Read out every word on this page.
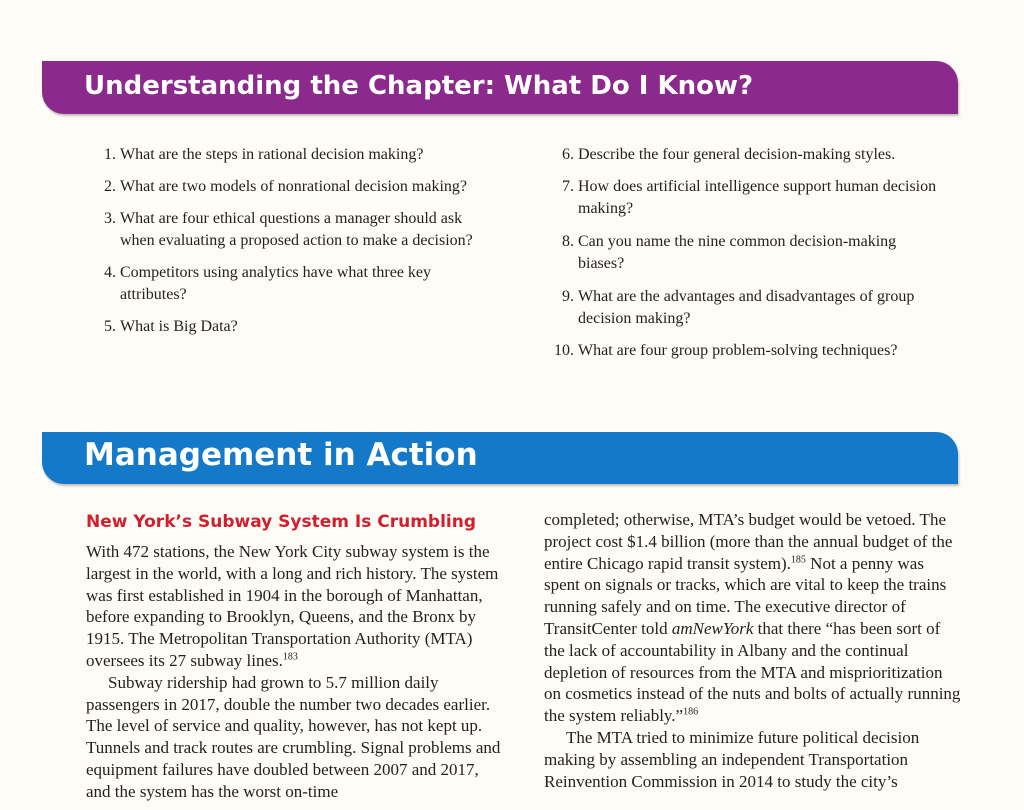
Understanding the Chapter: What Do I Know?
1. What are the steps in rational decision making?
2. What are two models of nonrational decision making?
3. What are four ethical questions a manager should ask when evaluating a proposed action to make a decision?
4. Competitors using analytics have what three key attributes?
5. What is Big Data?
6. Describe the four general decision-making styles.
7. How does artificial intelligence support human decision making?
8. Can you name the nine common decision-making biases?
9. What are the advantages and disadvantages of group decision making?
10. What are four group problem-solving techniques?
Management in Action
New York’s Subway System Is Crumbling

With 472 stations, the New York City subway system is the largest in the world, with a long and rich history. The system was first established in 1904 in the borough of Manhattan, before expanding to Brooklyn, Queens, and the Bronx by 1915. The Metropolitan Transportation Authority (MTA) oversees its 27 subway lines.$^{183}$

Subway ridership had grown to 5.7 million daily passengers in 2017, double the number two decades earlier. The level of service and quality, however, has not kept up. Tunnels and track routes are crumbling. Signal problems and equipment failures have doubled between 2007 and 2017, and the system has the worst on-time

completed; otherwise, MTA’s budget would be vetoed. The project cost $1.4 billion (more than the annual budget of the entire Chicago rapid transit system).$^{185}$ Not a penny was spent on signals or tracks, which are vital to keep the trains running safely and on time. The executive director of TransitCenter told amNewYork that there “has been sort of the lack of accountability in Albany and the continual depletion of resources from the MTA and misprioritization on cosmetics instead of the nuts and bolts of actually running the system reliably.”$^{186}$

The MTA tried to minimize future political decision making by assembling an independent Transportation Reinvention Commission in 2014 to study the city’s
